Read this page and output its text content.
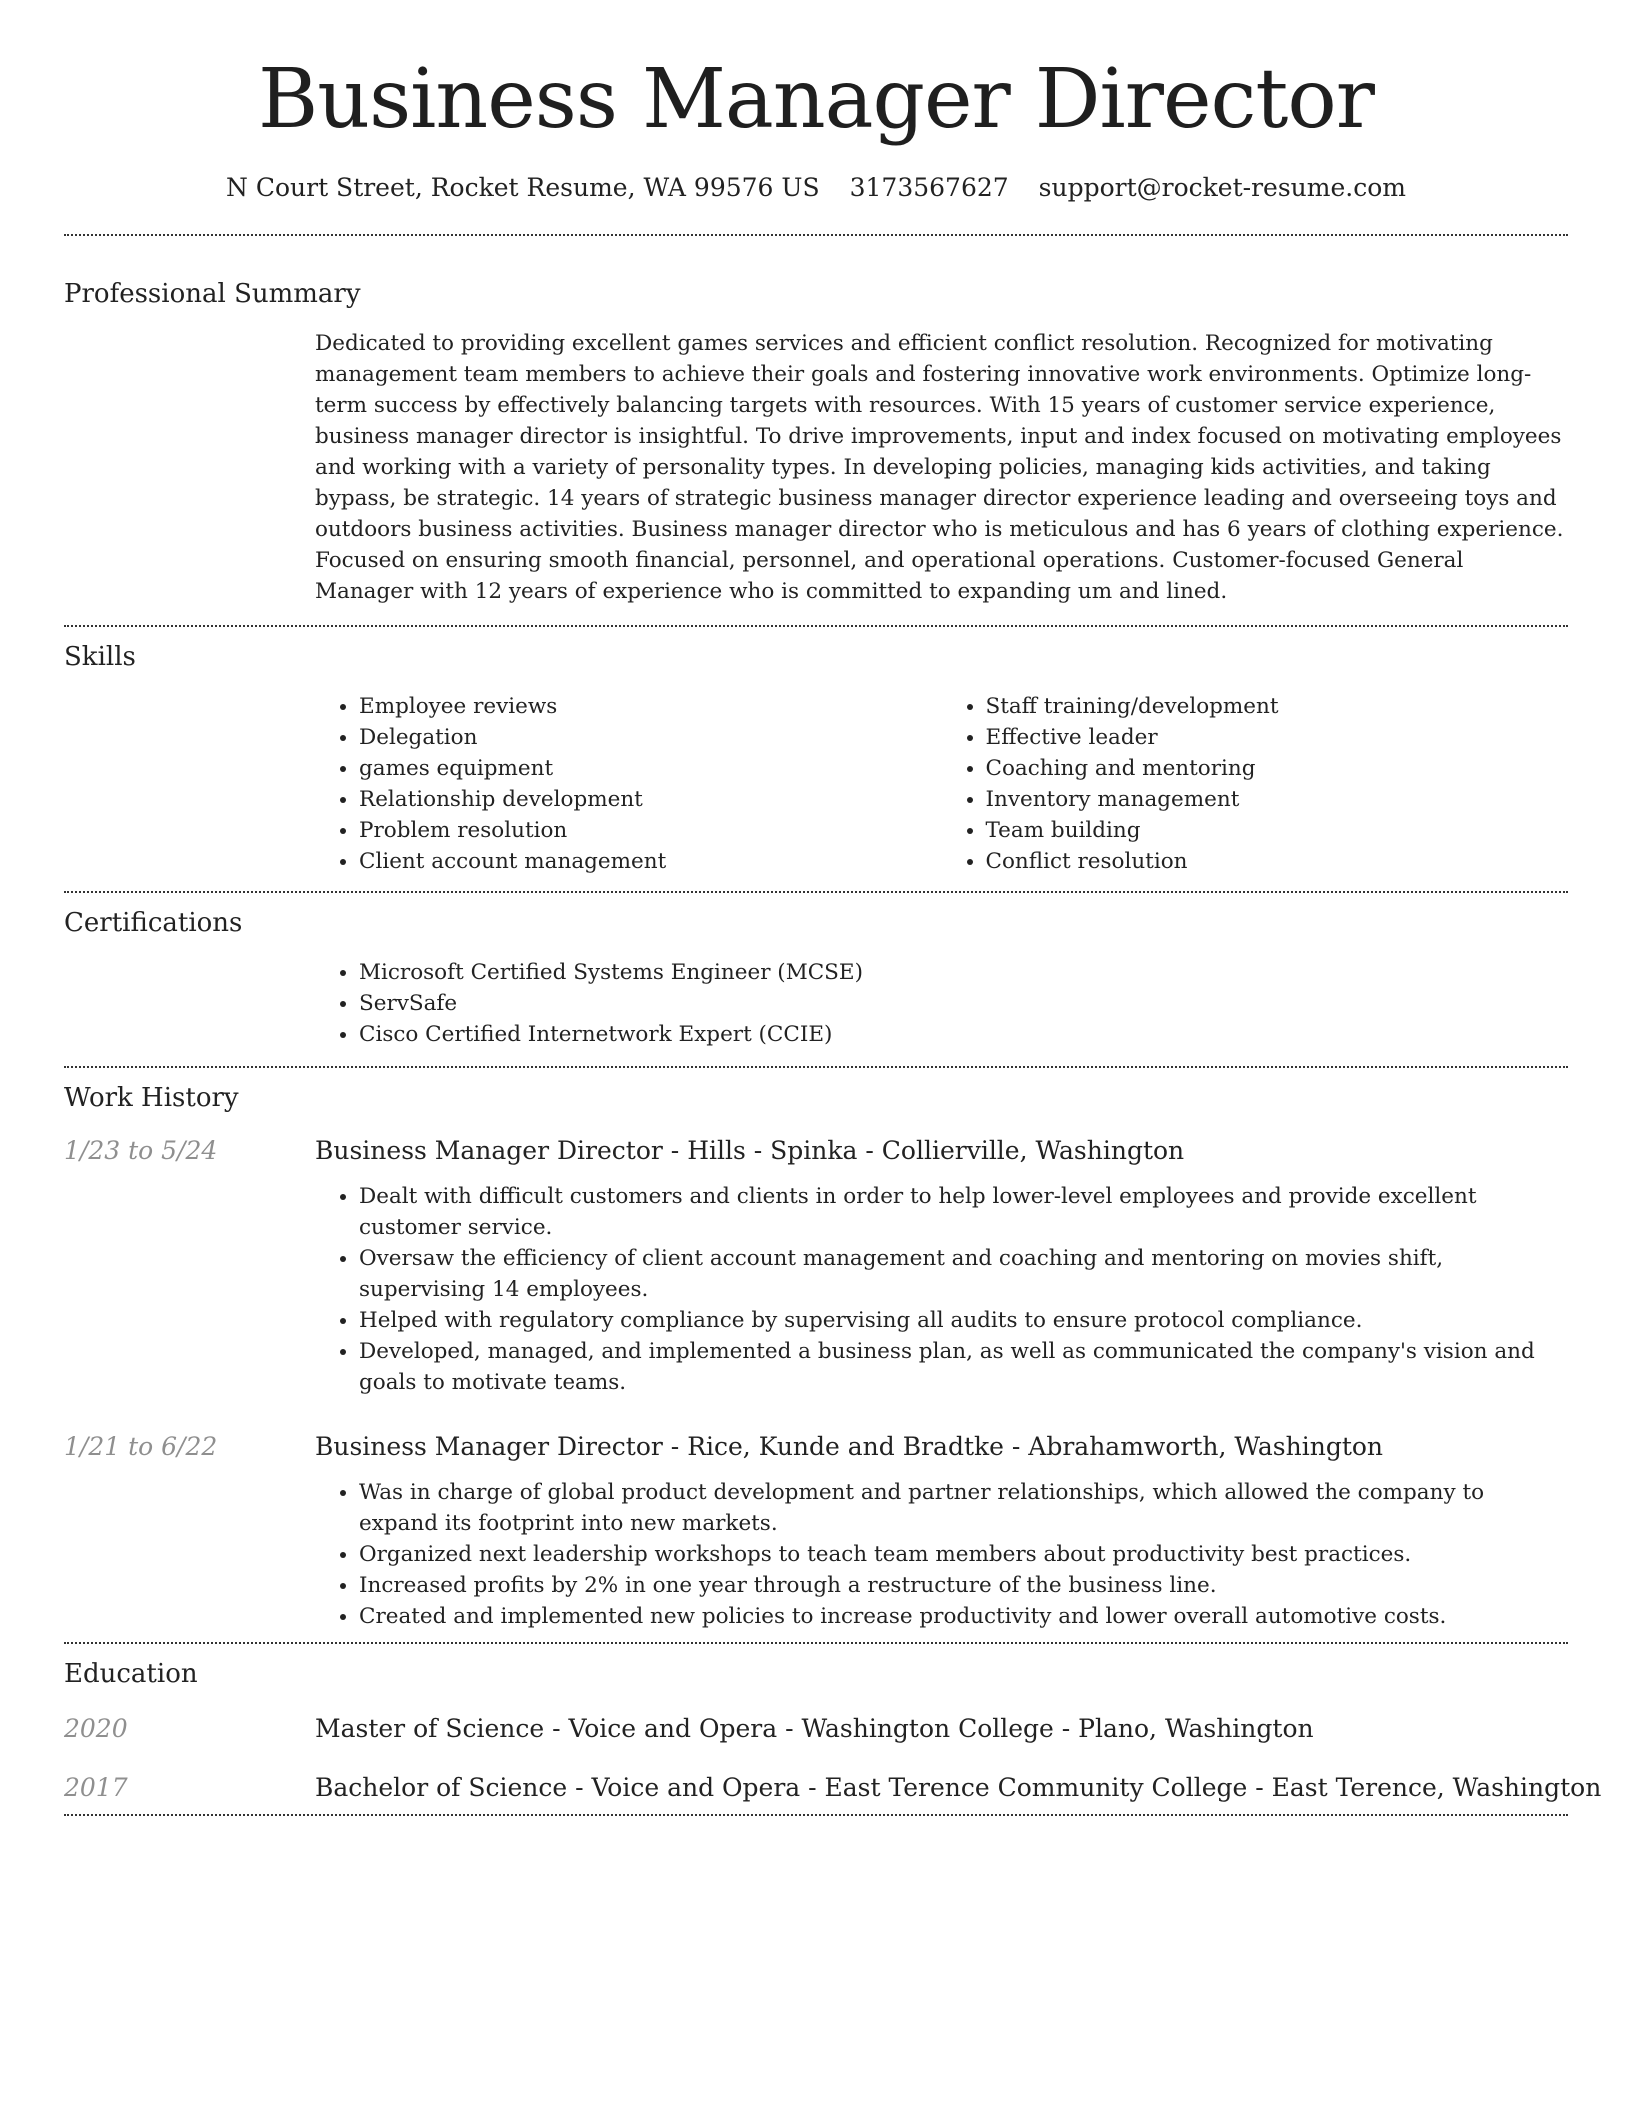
Business Manager Director
N Court Street, Rocket Resume, WA 99576 US 3173567627 support@rocket-resume.com
Professional Summary
Dedicated to providing excellent games services and efficient conflict resolution. Recognized for motivating management team members to achieve their goals and fostering innovative work environments. Optimize long-term success by effectively balancing targets with resources. With 15 years of customer service experience, business manager director is insightful. To drive improvements, input and index focused on motivating employees and working with a variety of personality types. In developing policies, managing kids activities, and taking bypass, be strategic. 14 years of strategic business manager director experience leading and overseeing toys and outdoors business activities. Business manager director who is meticulous and has 6 years of clothing experience. Focused on ensuring smooth financial, personnel, and operational operations. Customer-focused General Manager with 12 years of experience who is committed to expanding um and lined.
Skills
• Employee reviews
• Delegation
• games equipment
• Relationship development
• Problem resolution
• Client account management
• Staff training/development
• Effective leader
• Coaching and mentoring
• Inventory management
• Team building
• Conflict resolution
Certifications
• Microsoft Certified Systems Engineer (MCSE)
• ServSafe
• Cisco Certified Internetwork Expert (CCIE)
Work History
1/23 to 5/24	Business Manager Director - Hills - Spinka - Collierville, Washington
• Dealt with difficult customers and clients in order to help lower-level employees and provide excellent customer service.
• Oversaw the efficiency of client account management and coaching and mentoring on movies shift, supervising 14 employees.
• Helped with regulatory compliance by supervising all audits to ensure protocol compliance.
• Developed, managed, and implemented a business plan, as well as communicated the company's vision and goals to motivate teams.
1/21 to 6/22	Business Manager Director - Rice, Kunde and Bradtke - Abrahamworth, Washington
• Was in charge of global product development and partner relationships, which allowed the company to expand its footprint into new markets.
• Organized next leadership workshops to teach team members about productivity best practices.
• Increased profits by 2% in one year through a restructure of the business line.
• Created and implemented new policies to increase productivity and lower overall automotive costs.
Education
2020	Master of Science - Voice and Opera - Washington College - Plano, Washington
2017	Bachelor of Science - Voice and Opera - East Terence Community College - East Terence, Washington
